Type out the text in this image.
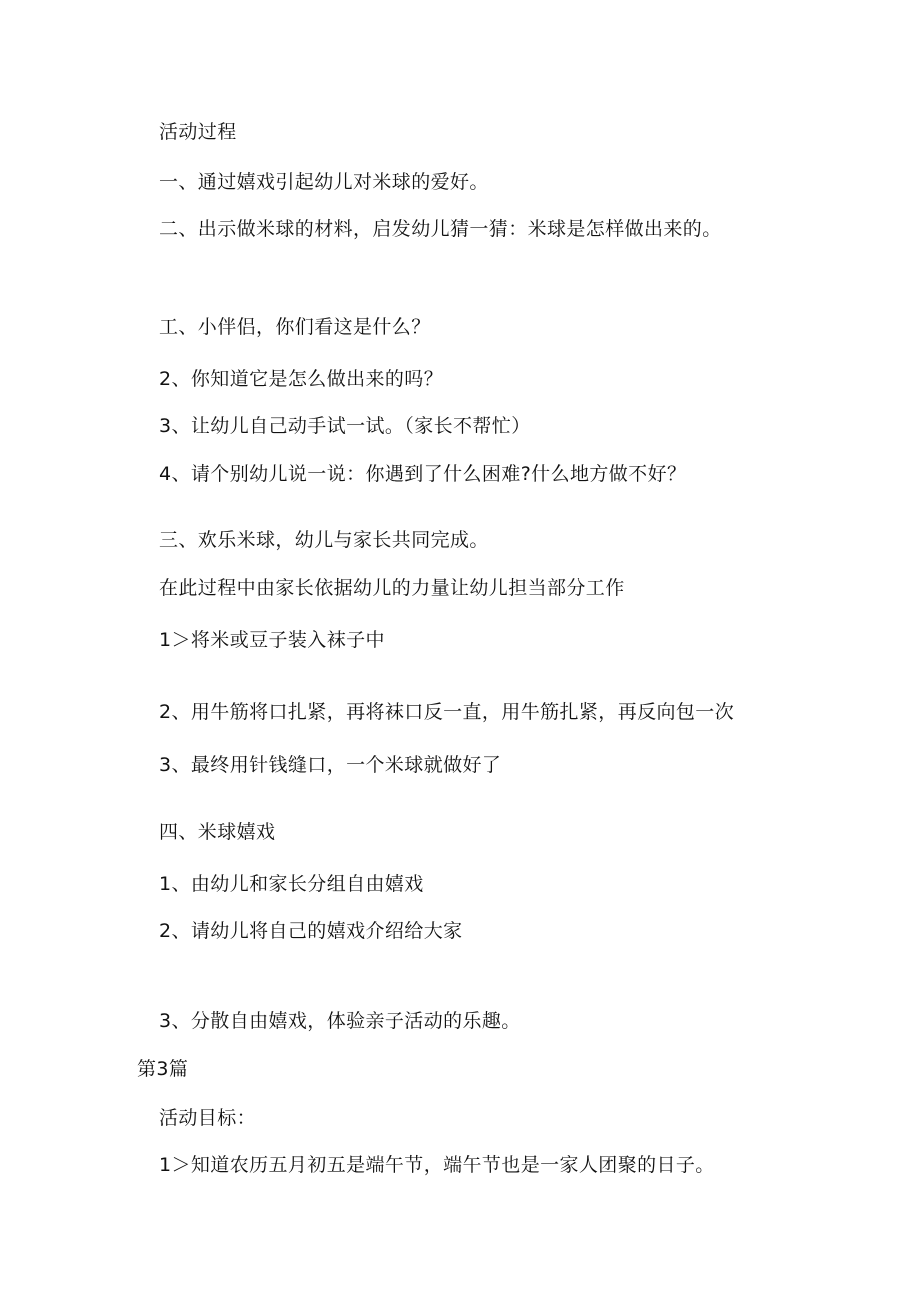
活动过程
一、通过嬉戏引起幼儿对米球的爱好。
二、出示做米球的材料，启发幼儿猜一猜：米球是怎样做出来的。
工、小伴侣，你们看这是什么？
2、你知道它是怎么做出来的吗？
3、让幼儿自己动手试一试。（家长不帮忙）
4、请个别幼儿说一说：你遇到了什么困难?什么地方做不好？
三、欢乐米球，幼儿与家长共同完成。
在此过程中由家长依据幼儿的力量让幼儿担当部分工作
1＞将米或豆子装入袜子中
2、用牛筋将口扎紧，再将袜口反一直，用牛筋扎紧，再反向包一次
3、最终用针钱缝口，一个米球就做好了
四、米球嬉戏
1、由幼儿和家长分组自由嬉戏
2、请幼儿将自己的嬉戏介绍给大家
3、分散自由嬉戏，体验亲子活动的乐趣。
第3篇
活动目标：
1＞知道农历五月初五是端午节，端午节也是一家人团聚的日子。
